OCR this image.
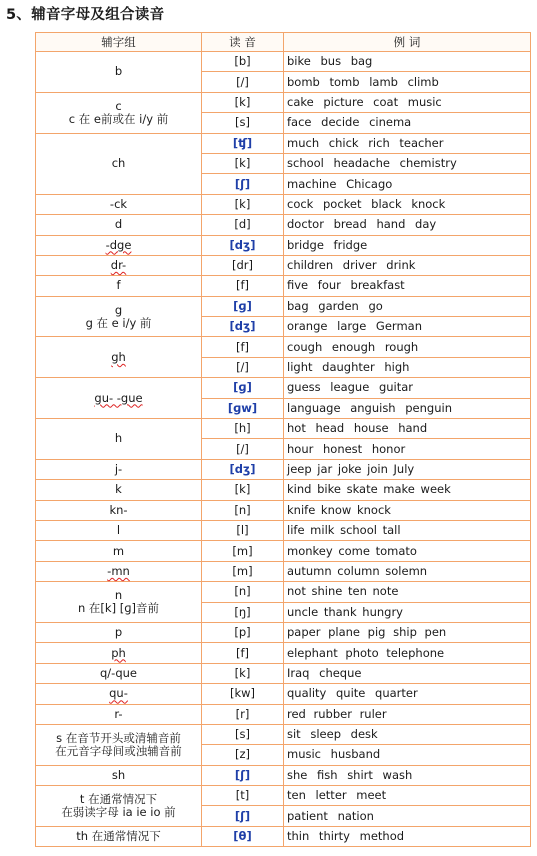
5、辅音字母及组合读音
辅字组	读 音	例 词
b	[b]	bike bus bag
	[/]	bomb tomb lamb climb

c
c 在 e前或在 i/y 前	[k]	cake picture coat music
	[s]	face decide cinema
ch	[ʧ]	much chick rich teacher
	[k]	school headache chemistry
	[ʃ]	machine Chicago
-ck	[k]	cock pocket black knock
d	[d]	doctor bread hand day
-dge	[dʒ]	bridge fridge
dr-	[dr]	children driver drink
f	[f]	five four breakfast

g
g 在 e i/y 前	[ɡ]	bag garden go
	[dʒ]	orange large German
gh	[f]	cough enough rough
	[/]	light daughter high
gu- -gue	[ɡ]	guess league guitar
	[ɡw]	language anguish penguin
h	[h]	hot head house hand
	[/]	hour honest honor
j-	[dʒ]	jeep jar joke join July
k	[k]	kind bike skate make week
kn-	[n]	knife know knock
l	[l]	life milk school tall
m	[m]	monkey come tomato
-mn	[m]	autumn column solemn

n
n 在[k] [ɡ]音前	[n]	not shine ten note
	[ŋ]	uncle thank hungry
p	[p]	paper plane pig ship pen
ph	[f]	elephant photo telephone
q/-que	[k]	Iraq cheque
qu-	[kw]	quality quite quarter
r-	[r]	red rubber ruler

s 在音节开头或清辅音前
在元音字母间或浊辅音前	[s]	sit sleep desk
	[z]	music husband
sh	[ʃ]	she fish shirt wash

t 在通常情况下
在弱读字母 ia ie io 前	[t]	ten letter meet
	[ʃ]	patient nation
th 在通常情况下	[θ]	thin thirty method
